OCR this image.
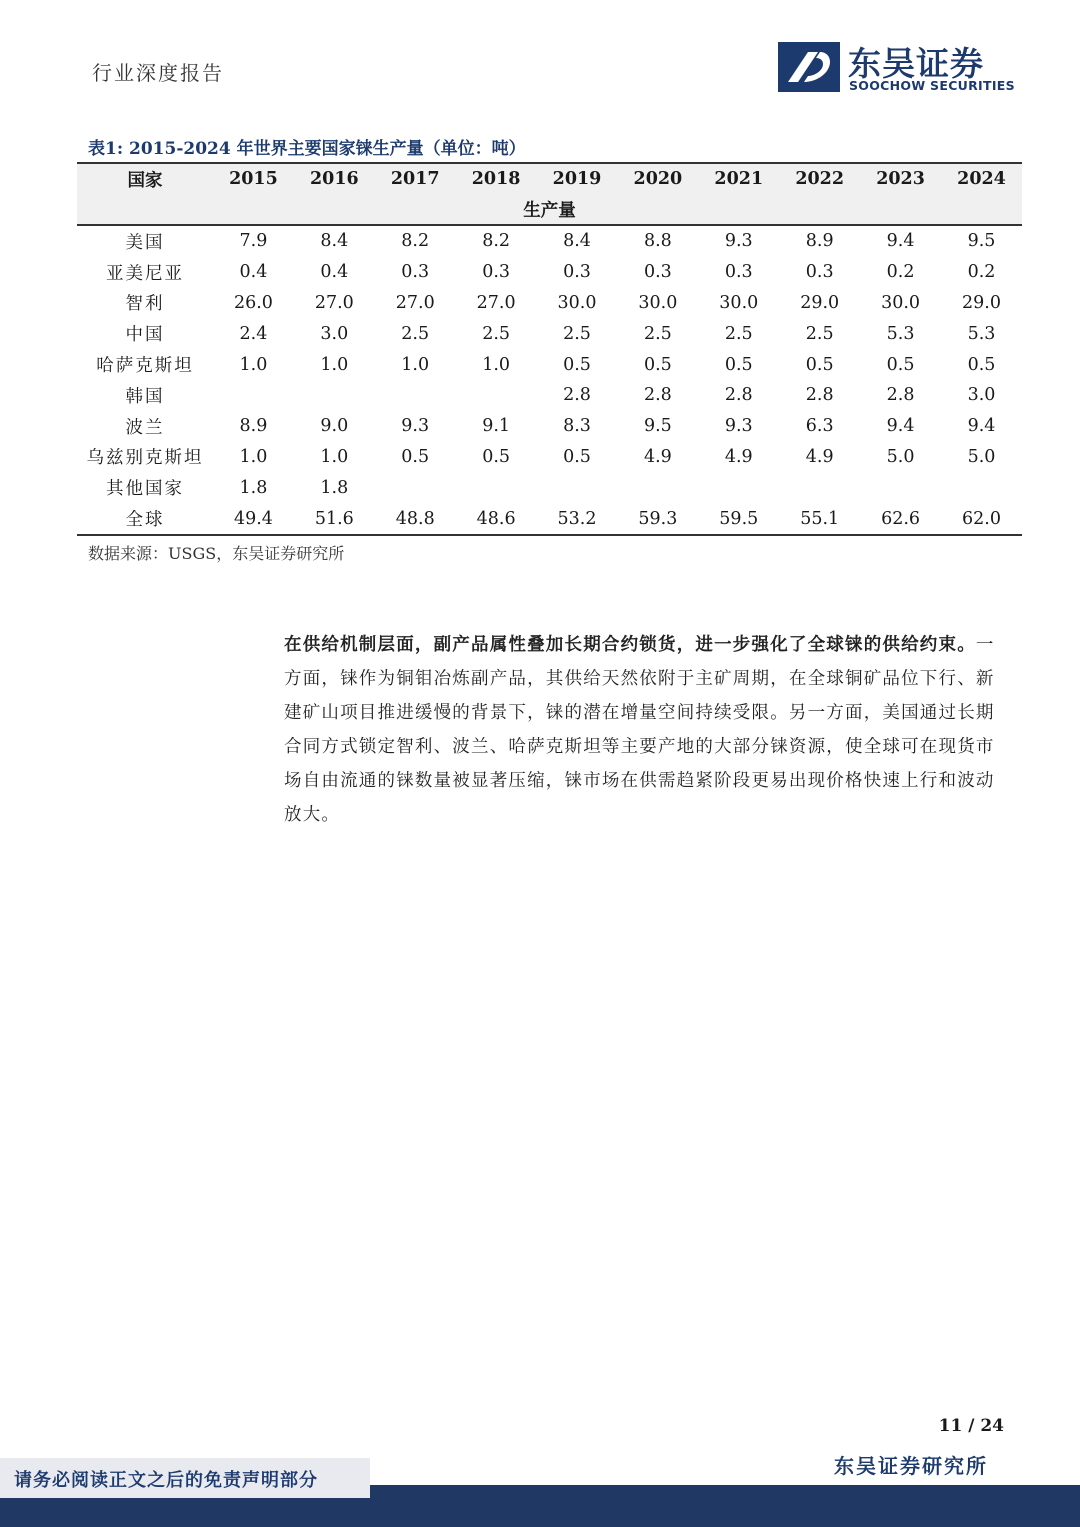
行业深度报告	东吴证券
SOOCHOW SECURITIES
表1: 2015-2024 年世界主要国家铼生产量（单位：吨）
国家	2015	2016	2017	2018	2019	2020	2021	2022	2023	2024
生产量										
美国	7.9	8.4	8.2	8.2	8.4	8.8	9.3	8.9	9.4	9.5
亚美尼亚	0.4	0.4	0.3	0.3	0.3	0.3	0.3	0.3	0.2	0.2
智利	26.0	27.0	27.0	27.0	30.0	30.0	30.0	29.0	30.0	29.0
中国	2.4	3.0	2.5	2.5	2.5	2.5	2.5	2.5	5.3	5.3
哈萨克斯坦	1.0	1.0	1.0	1.0	0.5	0.5	0.5	0.5	0.5	0.5
韩国					2.8	2.8	2.8	2.8	2.8	3.0
波兰	8.9	9.0	9.3	9.1	8.3	9.5	9.3	6.3	9.4	9.4
乌兹别克斯坦	1.0	1.0	0.5	0.5	0.5	4.9	4.9	4.9	5.0	5.0
其他国家	1.8	1.8								
全球	49.4	51.6	48.8	48.6	53.2	59.3	59.5	55.1	62.6	62.0
数据来源：USGS，东吴证券研究所
在供给机制层面，副产品属性叠加长期合约锁货，进一步强化了全球铼的供给约束。一方面，铼作为铜钼冶炼副产品，其供给天然依附于主矿周期，在全球铜矿品位下行、新建矿山项目推进缓慢的背景下，铼的潜在增量空间持续受限。另一方面，美国通过长期合同方式锁定智利、波兰、哈萨克斯坦等主要产地的大部分铼资源，使全球可在现货市场自由流通的铼数量被显著压缩，铼市场在供需趋紧阶段更易出现价格快速上行和波动放大。
11 / 24
东吴证券研究所
请务必阅读正文之后的免责声明部分
